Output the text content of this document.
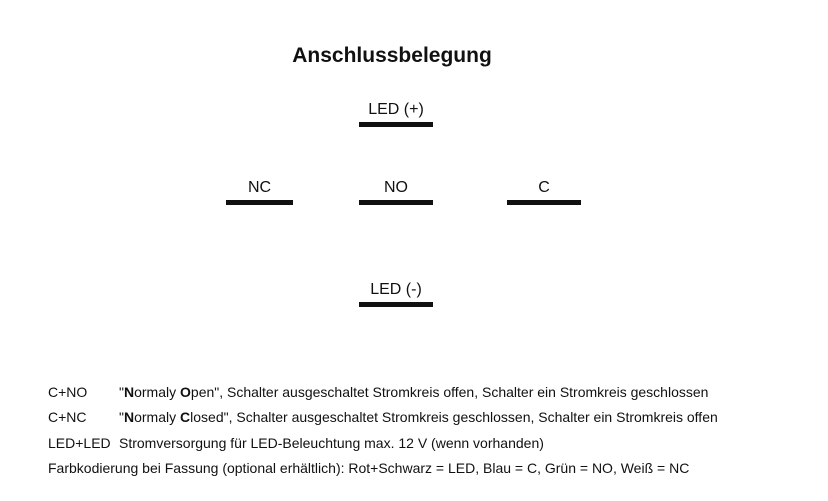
Anschlussbelegung
LED (+)
NC	NO	C
LED (-)
C+NO "Normaly Open", Schalter ausgeschaltet Stromkreis offen, Schalter ein Stromkreis geschlossen
C+NC "Normaly Closed", Schalter ausgeschaltet Stromkreis geschlossen, Schalter ein Stromkreis offen
LED+LED Stromversorgung für LED-Beleuchtung max. 12 V (wenn vorhanden)
Farbkodierung bei Fassung (optional erhältlich): Rot+Schwarz = LED, Blau = C, Grün = NO, Weiß = NC
